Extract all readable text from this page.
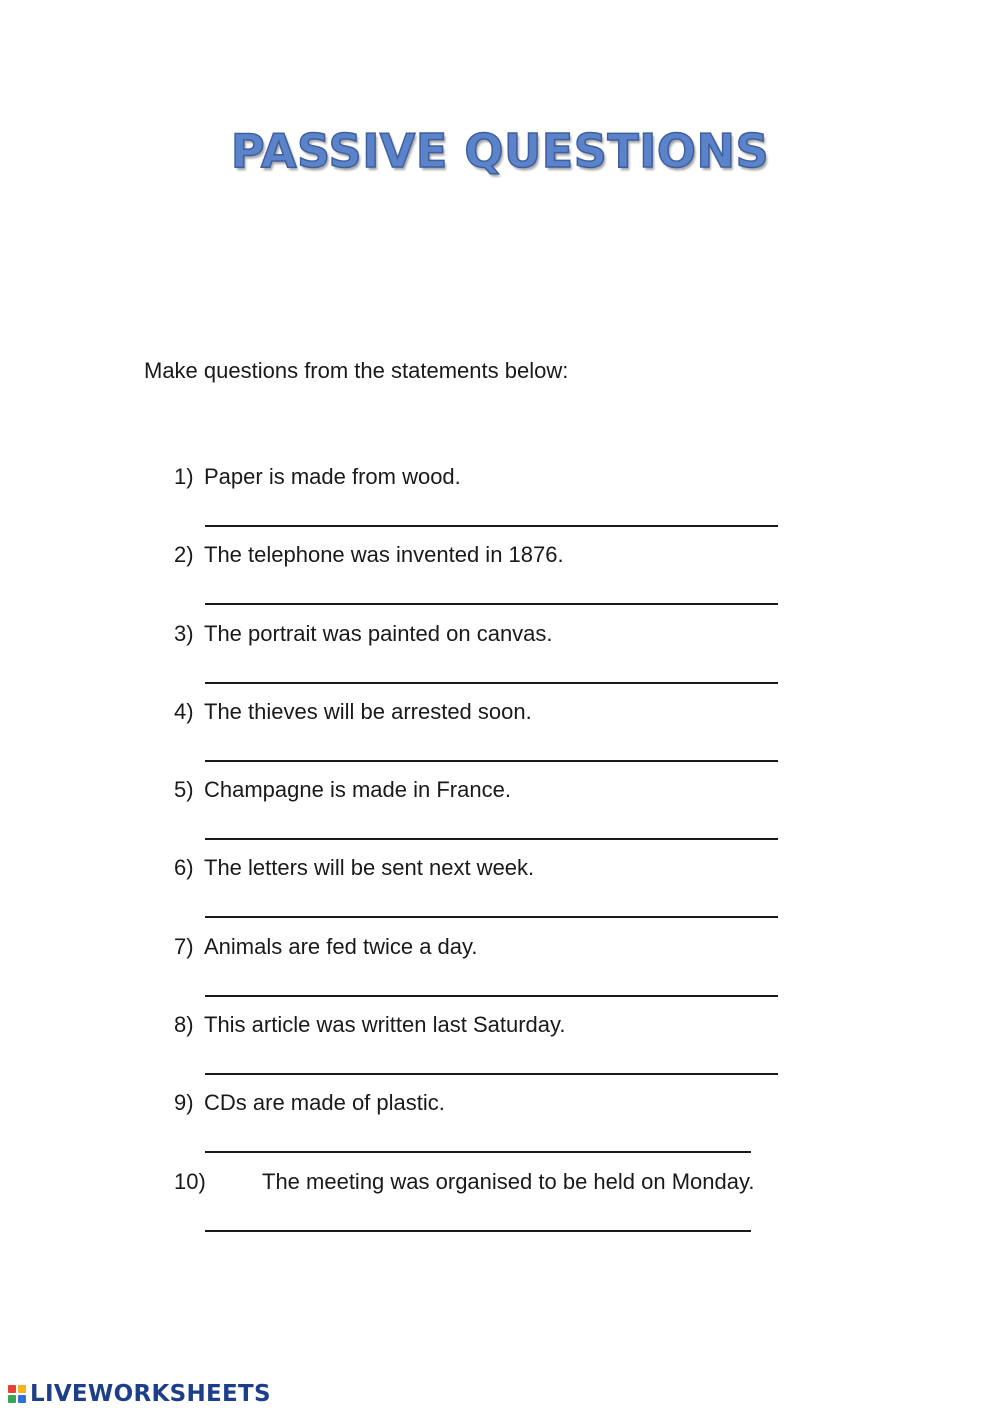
PASSIVE QUESTIONS

Make questions from the statements below:

1) Paper is made from wood.
2) The telephone was invented in 1876.
3) The portrait was painted on canvas.
4) The thieves will be arrested soon.
5) Champagne is made in France.
6) The letters will be sent next week.
7) Animals are fed twice a day.
8) This article was written last Saturday.
9) CDs are made of plastic.
10)	The meeting was organised to be held on Monday.
LIVEWORKSHEETS
